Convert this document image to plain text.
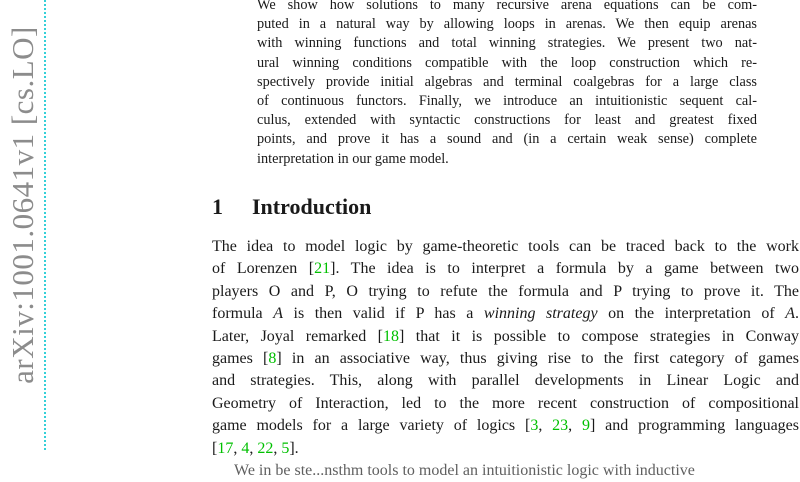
arXiv:1001.0641v1 [cs.LO]
We show how solutions to many recursive arena equations can be com-
puted in a natural way by allowing loops in arenas. We then equip arenas
with winning functions and total winning strategies. We present two nat-
ural winning conditions compatible with the loop construction which re-
spectively provide initial algebras and terminal coalgebras for a large class
of continuous functors. Finally, we introduce an intuitionistic sequent cal-
culus, extended with syntactic constructions for least and greatest fixed
points, and prove it has a sound and (in a certain weak sense) complete
interpretation in our game model.
1 Introduction
The idea to model logic by game-theoretic tools can be traced back to the work
of Lorenzen [21]. The idea is to interpret a formula by a game between two
players O and P, O trying to refute the formula and P trying to prove it. The
formula A is then valid if P has a winning strategy on the interpretation of A.
Later, Joyal remarked [18] that it is possible to compose strategies in Conway
games [8] in an associative way, thus giving rise to the first category of games
and strategies. This, along with parallel developments in Linear Logic and
Geometry of Interaction, led to the more recent construction of compositional
game models for a large variety of logics [3, 23, 9] and programming languages
[17, 4, 22, 5].
We in be ste...nsthm tools to model an intuitionistic logic with inductive
